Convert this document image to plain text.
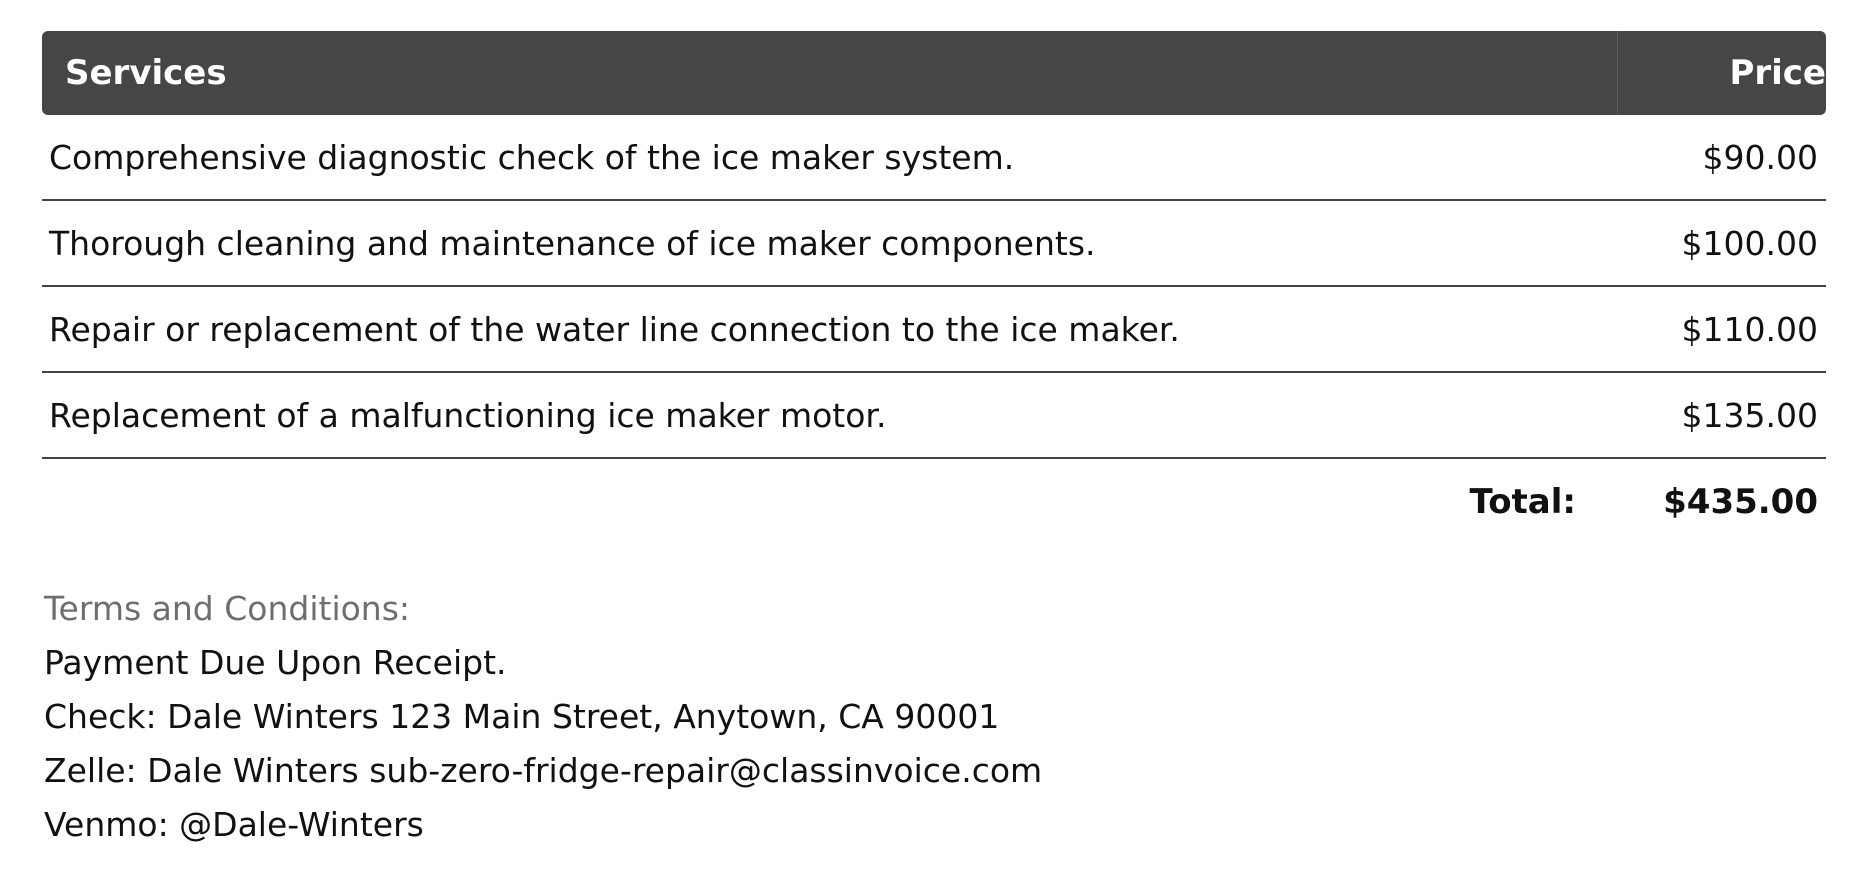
Services	Price
Comprehensive diagnostic check of the ice maker system.	$90.00
Thorough cleaning and maintenance of ice maker components.	$100.00
Repair or replacement of the water line connection to the ice maker.	$110.00
Replacement of a malfunctioning ice maker motor.	$135.00
Total:	$435.00
Terms and Conditions:
Payment Due Upon Receipt.
Check: Dale Winters 123 Main Street, Anytown, CA 90001
Zelle: Dale Winters sub-zero-fridge-repair@classinvoice.com
Venmo: @Dale-Winters
